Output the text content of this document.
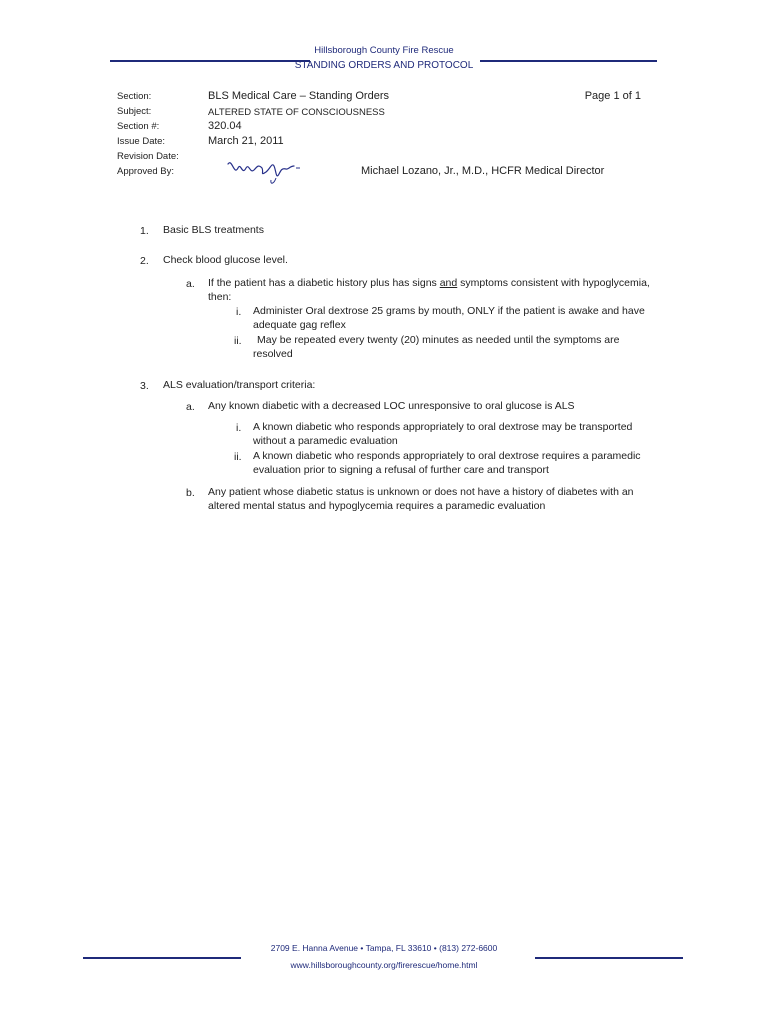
Hillsborough County Fire Rescue
STANDING ORDERS AND PROTOCOL
Section:	BLS Medical Care – Standing Orders	Page 1 of 1
Subject:	ALTERED STATE OF CONSCIOUSNESS
Section #:	320.04
Issue Date:	March 21, 2011
Revision Date:
Approved By:	Michael Lozano, Jr., M.D., HCFR Medical Director
1. Basic BLS treatments
2. Check blood glucose level.
a. If the patient has a diabetic history plus has signs and symptoms consistent with hypoglycemia,
then:
i. Administer Oral dextrose 25 grams by mouth, ONLY if the patient is awake and have
adequate gag reflex
ii. May be repeated every twenty (20) minutes as needed until the symptoms are
resolved
3. ALS evaluation/transport criteria:
a. Any known diabetic with a decreased LOC unresponsive to oral glucose is ALS
i. A known diabetic who responds appropriately to oral dextrose may be transported
without a paramedic evaluation
ii. A known diabetic who responds appropriately to oral dextrose requires a paramedic
evaluation prior to signing a refusal of further care and transport
b. Any patient whose diabetic status is unknown or does not have a history of diabetes with an
altered mental status and hypoglycemia requires a paramedic evaluation
2709 E. Hanna Avenue • Tampa, FL 33610 • (813) 272-6600
www.hillsboroughcounty.org/firerescue/home.html
